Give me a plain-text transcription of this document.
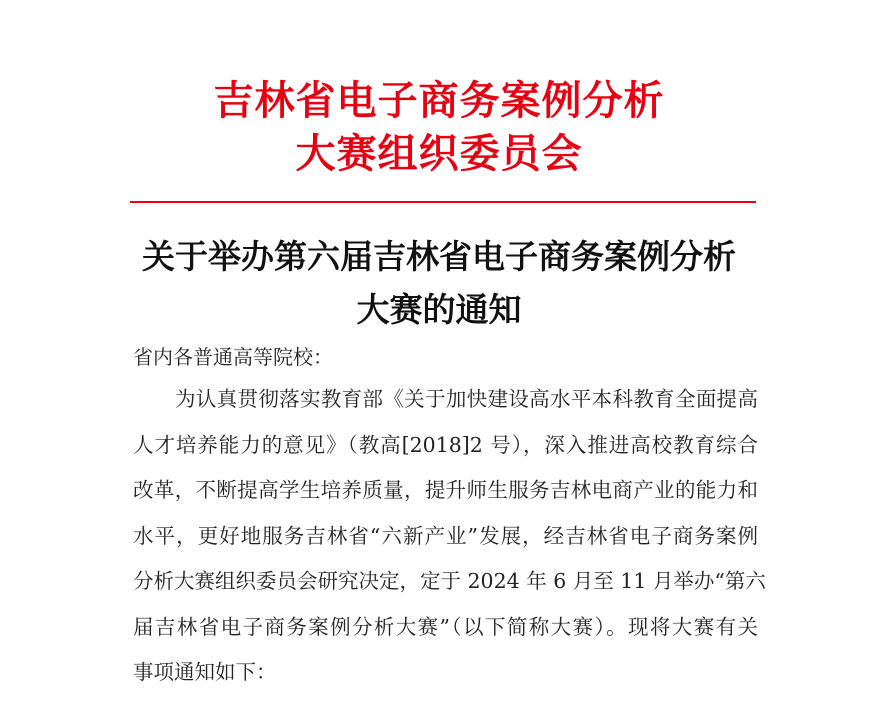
吉林省电子商务案例分析
大赛组织委员会
关于举办第六届吉林省电子商务案例分析
大赛的通知
省内各普通高等院校：
为认真贯彻落实教育部《关于加快建设高水平本科教育全面提高
人才培养能力的意见》（教高[2018]2 号），深入推进高校教育综合
改革，不断提高学生培养质量，提升师生服务吉林电商产业的能力和
水平，更好地服务吉林省“六新产业”发展，经吉林省电子商务案例
分析大赛组织委员会研究决定，定于 2024 年 6 月至 11 月举办“第六
届吉林省电子商务案例分析大赛”（以下简称大赛）。现将大赛有关
事项通知如下：
